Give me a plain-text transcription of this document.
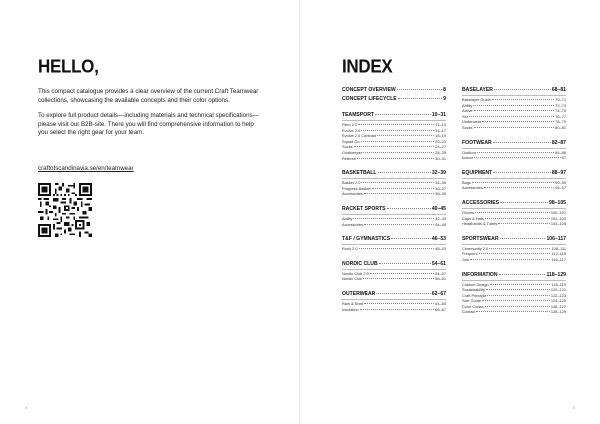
HELLO,

This compact catalogue provides a clear overview of the current Craft Teamwear collections, showcasing the available concepts and their color options.

To explore full product details—including materials and technical specifications—please visit our B2B-site. There you will find comprehensive information to help you select the right gear for your team.

craftofscandinavia.se/en/teamwear
4
INDEX
CONCEPT OVERVIEW	8
CONCEPT LIFECYCLE	9
TEAMSPORT	10–31
Pitch 2.0	11–13
Evolve 2.0	14–17
Evolve 2.0 Contrast	18–19
Squad Go	20–23
Socks	24–27
Goalkeeper	28–29
Referee	30–31
BASKETBALL	32–39
Basket 2.0	34–36
Progress Basket	36–37
Accessories	38–39
RACKET SPORTS	40–45
Ability	42–43
Accessories	44–45
T&F / GYMNASTICS	46–53
Rush 2.0	48–53
NORDIC CLUB	54–61
Nordic Club 2.0	54–57
Nordic Club	58–61
OUTERWEAR	62–67
Rain & Shell	64–65
Insulation	66–67
BASELAYER	68–81
Baselayer Guide	70–71
Ability	72–73
Active	74–75
Set	76–77
Underwear	78–79
Socks	80–81
FOOTWEAR	82–87
Outdoor	84–86
Indoor	87
EQUIPMENT	88–97
Bags	90–95
Accessories	95–97
ACCESSORIES	98–105
Gloves	100–101
Caps & Hats	102–103
Headbands & Tubes	104–105
SPORTSWEAR	106–117
Community 2.0	108–111
Frequent	112–115
Join	116–117
INFORMATION	118–129
Custom Design	118–119
Sustainability	120–121
Craft Principle	122–123
Size Guide	124–125
Color Codes	126–127
Contact	128–129
5
